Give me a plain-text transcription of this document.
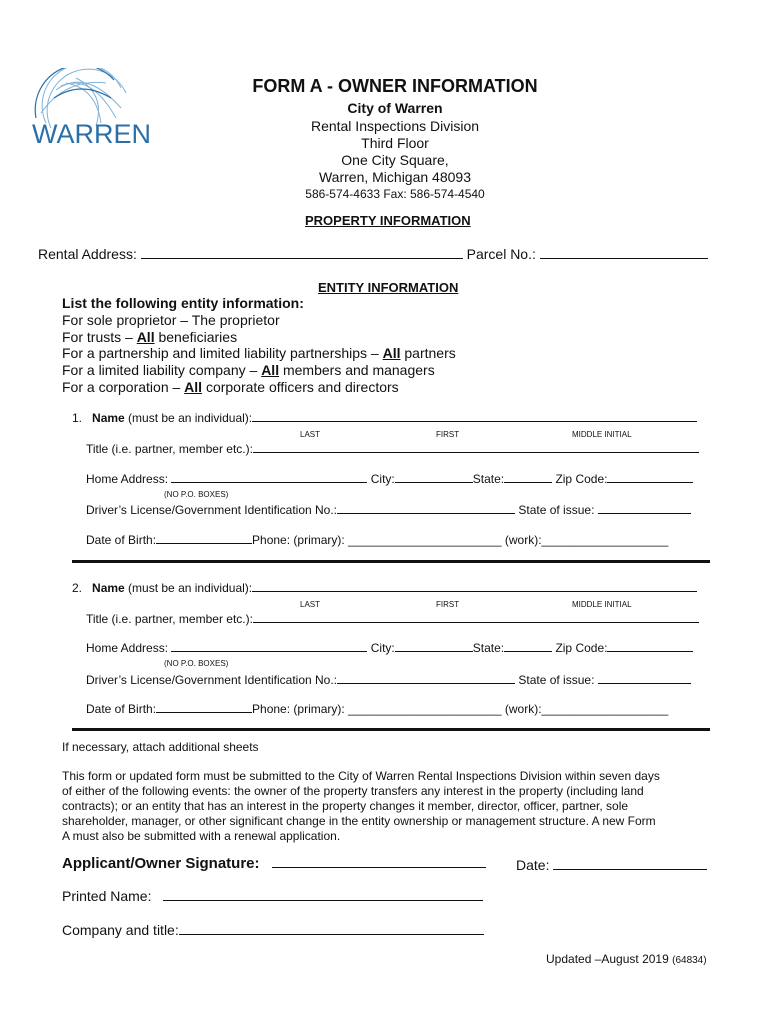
WARREN
FORM A - OWNER INFORMATION
City of Warren
Rental Inspections Division
Third Floor
One City Square,
Warren, Michigan 48093
586-574-4633 Fax: 586-574-4540
PROPERTY INFORMATION
Rental Address:	Parcel No.:
ENTITY INFORMATION
List the following entity information:
For sole proprietor – The proprietor
For trusts – All beneficiaries
For a partnership and limited liability partnerships – All partners
For a limited liability company – All members and managers
For a corporation – All corporate officers and directors
1. Name (must be an individual):
LAST	FIRST	MIDDLE INITIAL
Title (i.e. partner, member etc.):
Home Address:	City:	State:	Zip Code:
(NO P.O. BOXES)
Driver’s License/Government Identification No.:	State of issue:
Date of Birth:	Phone: (primary): _______________________ (work):___________________
2. Name (must be an individual):
LAST	FIRST	MIDDLE INITIAL
Title (i.e. partner, member etc.):
Home Address:	City:	State:	Zip Code:
(NO P.O. BOXES)
Driver’s License/Government Identification No.:	State of issue:
Date of Birth:	Phone: (primary): _______________________ (work):___________________
If necessary, attach additional sheets
This form or updated form must be submitted to the City of Warren Rental Inspections Division within seven days
of either of the following events: the owner of the property transfers any interest in the property (including land
contracts); or an entity that has an interest in the property changes it member, director, officer, partner, sole
shareholder, manager, or other significant change in the entity ownership or management structure. A new Form
A must also be submitted with a renewal application.
Applicant/Owner Signature:	Date:
Printed Name:
Company and title:
Updated –August 2019 (64834)
